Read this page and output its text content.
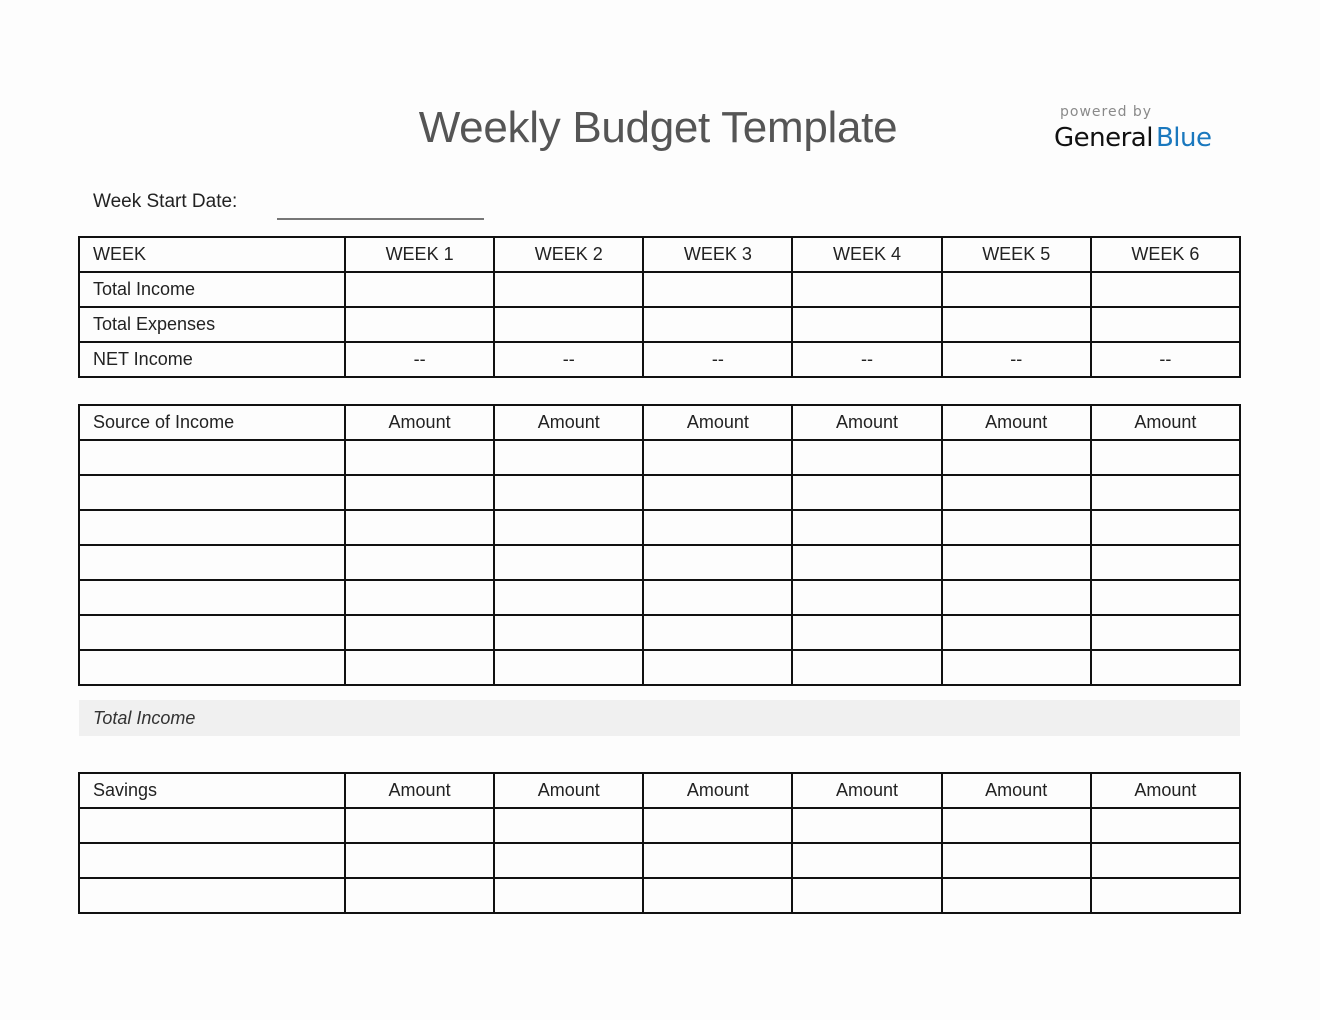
Weekly Budget Template	powered by
General Blue
Week Start Date:
WEEK	WEEK 1	WEEK 2	WEEK 3	WEEK 4	WEEK 5	WEEK 6
Total Income						
Total Expenses						
NET Income	--	--	--	--	--	--
Source of Income	Amount	Amount	Amount	Amount	Amount	Amount

Total Income
Savings	Amount	Amount	Amount	Amount	Amount	Amount
